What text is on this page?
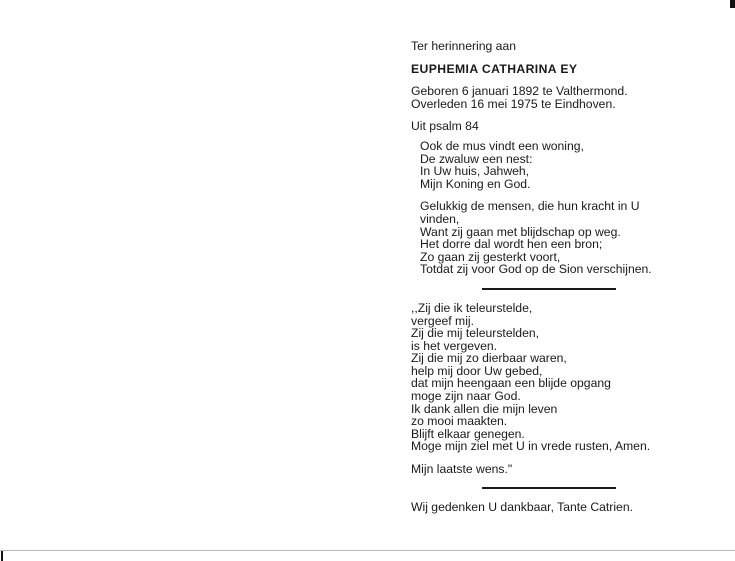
Ter herinnering aan
EUPHEMIA CATHARINA EY
Geboren 6 januari 1892 te Valthermond.
Overleden 16 mei 1975 te Eindhoven.
Uit psalm 84
Ook de mus vindt een woning,
De zwaluw een nest:
In Uw huis, Jahweh,
Mijn Koning en God.
Gelukkig de mensen, die hun kracht in U
vinden,
Want zij gaan met blijdschap op weg.
Het dorre dal wordt hen een bron;
Zo gaan zij gesterkt voort,
Totdat zij voor God op de Sion verschijnen.
,,Zij die ik teleurstelde,
vergeef mij.
Zij die mij teleurstelden,
is het vergeven.
Zij die mij zo dierbaar waren,
help mij door Uw gebed,
dat mijn heengaan een blijde opgang
moge zijn naar God.
Ik dank allen die mijn leven
zo mooi maakten.
Blijft elkaar genegen.
Moge mijn ziel met U in vrede rusten, Amen.
Mijn laatste wens."
Wij gedenken U dankbaar, Tante Catrien.
